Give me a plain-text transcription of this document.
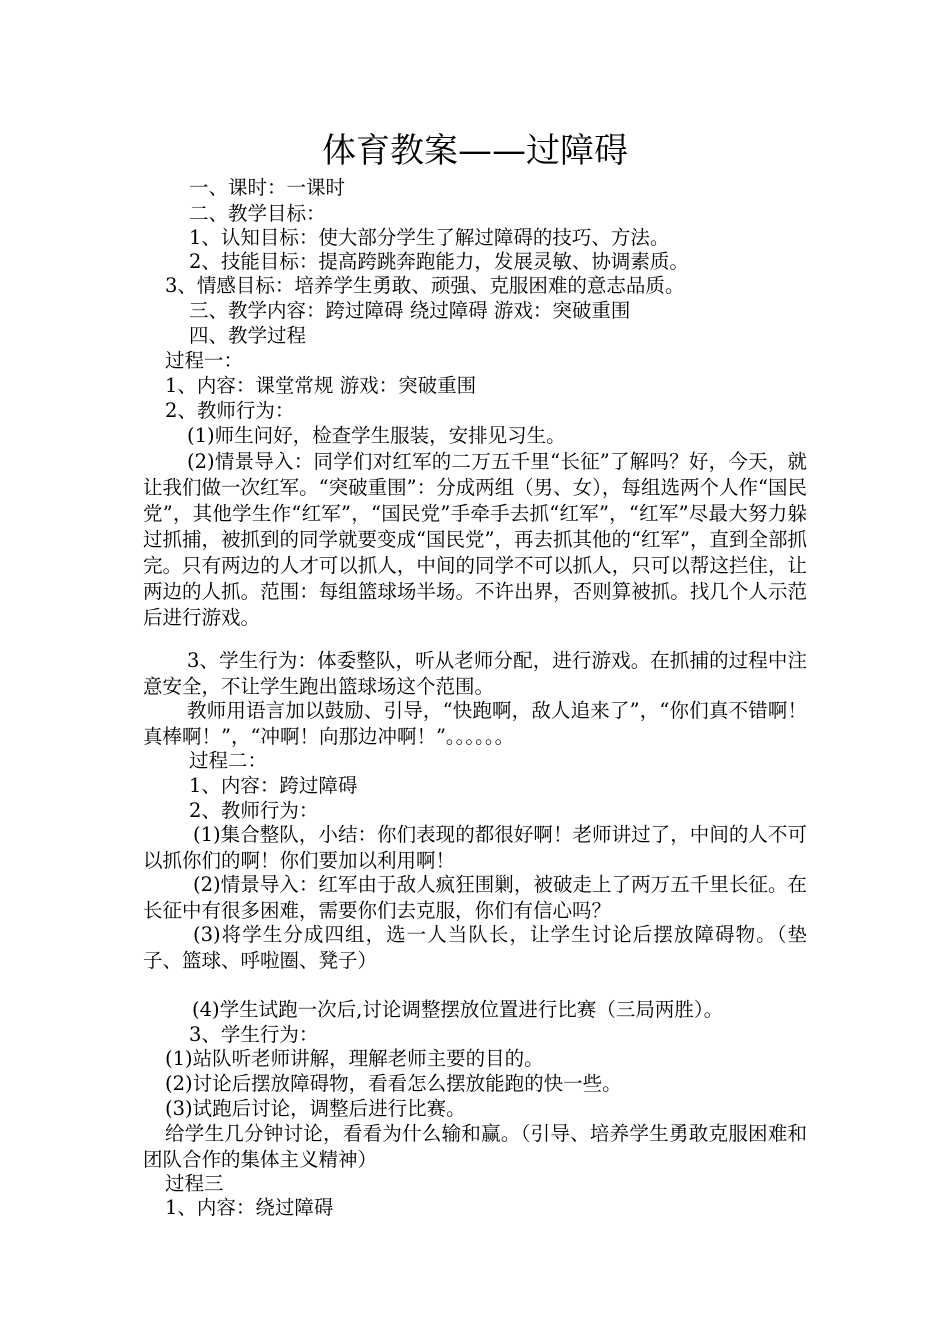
体育教案——过障碍
一、课时：一课时
二、教学目标：
1、认知目标：使大部分学生了解过障碍的技巧、方法。
2、技能目标：提高跨跳奔跑能力，发展灵敏、协调素质。
3、情感目标：培养学生勇敢、顽强、克服困难的意志品质。
三、教学内容：跨过障碍 绕过障碍 游戏：突破重围
四、教学过程
过程一：
1、内容：课堂常规 游戏：突破重围
2、教师行为：
(1)师生问好，检查学生服装，安排见习生。
(2)情景导入：同学们对红军的二万五千里“长征”了解吗？好，今天，就让我们做一次红军。“突破重围”：分成两组（男、女），每组选两个人作“国民党”，其他学生作“红军”，“国民党”手牵手去抓“红军”，“红军”尽最大努力躲过抓捕，被抓到的同学就要变成“国民党”，再去抓其他的“红军”，直到全部抓完。只有两边的人才可以抓人，中间的同学不可以抓人，只可以帮这拦住，让两边的人抓。范围：每组篮球场半场。不许出界，否则算被抓。找几个人示范后进行游戏。
3、学生行为：体委整队，听从老师分配，进行游戏。在抓捕的过程中注意安全，不让学生跑出篮球场这个范围。
教师用语言加以鼓励、引导，“快跑啊，敌人追来了”，“你们真不错啊！真棒啊！”，“冲啊！向那边冲啊！”。。。。。。
过程二：
1、内容：跨过障碍
2、教师行为：
(1)集合整队，小结：你们表现的都很好啊！老师讲过了，中间的人不可以抓你们的啊！你们要加以利用啊！
(2)情景导入：红军由于敌人疯狂围剿，被破走上了两万五千里长征。在长征中有很多困难，需要你们去克服，你们有信心吗？
(3)将学生分成四组，选一人当队长，让学生讨论后摆放障碍物。（垫子、篮球、呼啦圈、凳子）
(4)学生试跑一次后,讨论调整摆放位置进行比赛（三局两胜）。
3、学生行为：
(1)站队听老师讲解，理解老师主要的目的。
(2)讨论后摆放障碍物，看看怎么摆放能跑的快一些。
(3)试跑后讨论，调整后进行比赛。
给学生几分钟讨论，看看为什么输和赢。（引导、培养学生勇敢克服困难和团队合作的集体主义精神）
过程三
1、内容：绕过障碍
